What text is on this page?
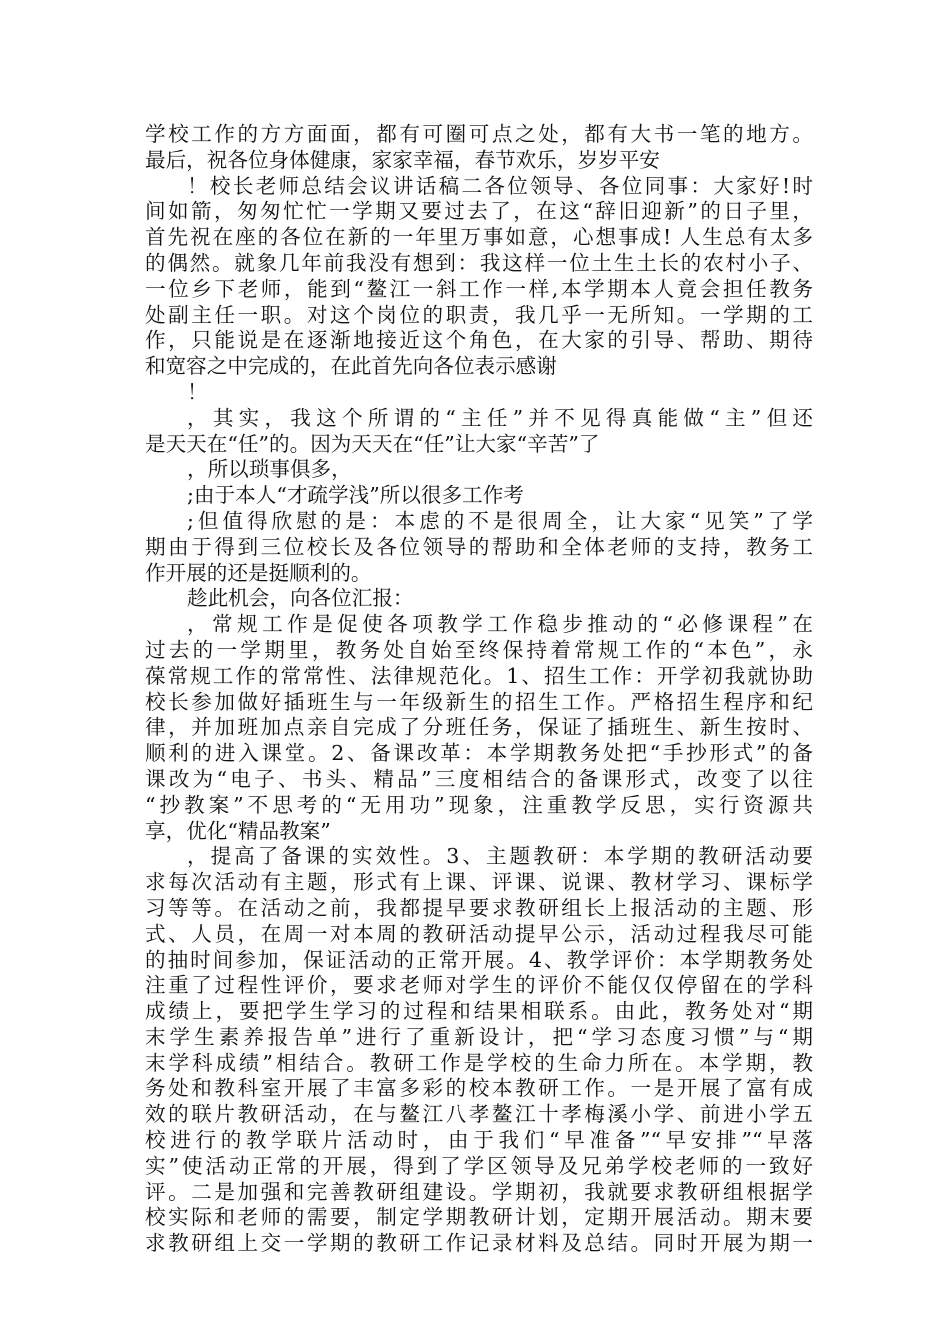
学校工作的方方面面，都有可圈可点之处，都有大书一笔的地方。
最后，祝各位身体健康，家家幸福，春节欢乐，岁岁平安
！校长老师总结会议讲话稿二各位领导、各位同事：大家好!时
间如箭，匆匆忙忙一学期又要过去了，在这“辞旧迎新”的日子里，
首先祝在座的各位在新的一年里万事如意，心想事成! 人生总有太多
的偶然。就象几年前我没有想到：我这样一位土生土长的农村小子、
一位乡下老师，能到“鳌江一斜工作一样,本学期本人竟会担任教务
处副主任一职。对这个岗位的职责，我几乎一无所知。一学期的工
作，只能说是在逐渐地接近这个角色，在大家的引导、帮助、期待
和宽容之中完成的，在此首先向各位表示感谢
！
，其实，我这个所谓的“主任”并不见得真能做“主”但还
是天天在“任”的。因为天天在“任”让大家“辛苦”了
，所以琐事俱多，
;由于本人“才疏学浅”所以很多工作考
;但值得欣慰的是：本虑的不是很周全，让大家“见笑”了学
期由于得到三位校长及各位领导的帮助和全体老师的支持，教务工
作开展的还是挺顺利的。
趁此机会，向各位汇报：
，常规工作是促使各项教学工作稳步推动的“必修课程”在
过去的一学期里，教务处自始至终保持着常规工作的“本色”，永
葆常规工作的常常性、法律规范化。1、招生工作：开学初我就协助
校长参加做好插班生与一年级新生的招生工作。严格招生程序和纪
律，并加班加点亲自完成了分班任务，保证了插班生、新生按时、
顺利的进入课堂。2、备课改革：本学期教务处把“手抄形式”的备
课改为“电子、书头、精品”三度相结合的备课形式，改变了以往
“抄教案”不思考的“无用功”现象，注重教学反思，实行资源共
享，优化“精品教案”
，提高了备课的实效性。3、主题教研：本学期的教研活动要
求每次活动有主题，形式有上课、评课、说课、教材学习、课标学
习等等。在活动之前，我都提早要求教研组长上报活动的主题、形
式、人员，在周一对本周的教研活动提早公示，活动过程我尽可能
的抽时间参加，保证活动的正常开展。4、教学评价：本学期教务处
注重了过程性评价，要求老师对学生的评价不能仅仅停留在的学科
成绩上，要把学生学习的过程和结果相联系。由此，教务处对“期
末学生素养报告单”进行了重新设计，把“学习态度习惯”与“期
末学科成绩”相结合。教研工作是学校的生命力所在。本学期，教
务处和教科室开展了丰富多彩的校本教研工作。一是开展了富有成
效的联片教研活动，在与鳌江八孝鳌江十孝梅溪小学、前进小学五
校进行的教学联片活动时，由于我们“早准备”“早安排”“早落
实”使活动正常的开展，得到了学区领导及兄弟学校老师的一致好
评。二是加强和完善教研组建设。学期初，我就要求教研组根据学
校实际和老师的需要，制定学期教研计划，定期开展活动。期末要
求教研组上交一学期的教研工作记录材料及总结。同时开展为期一
